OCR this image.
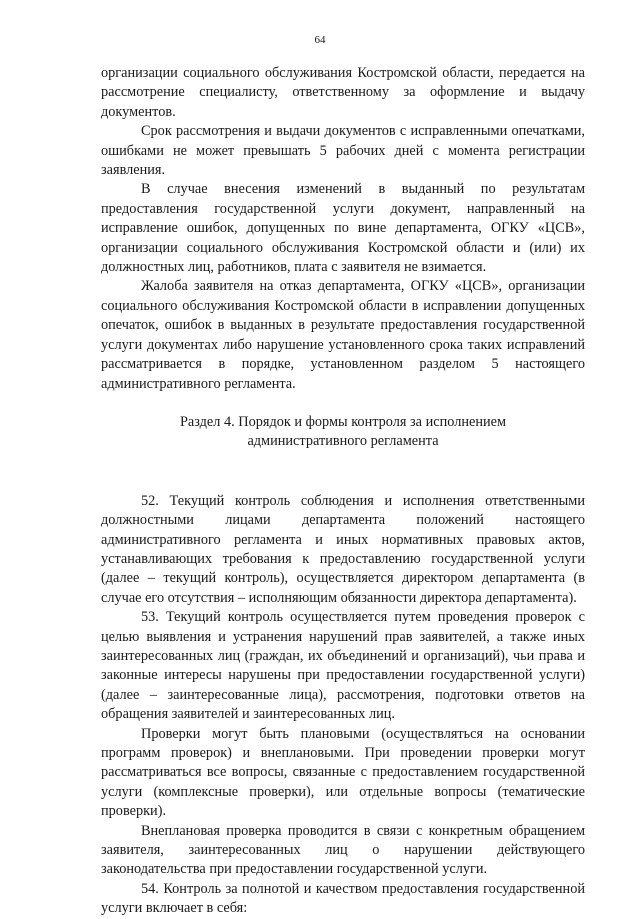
64

организации социального обслуживания Костромской области, передается на рассмотрение специалисту, ответственному за оформление и выдачу документов.

Срок рассмотрения и выдачи документов с исправленными опечатками, ошибками не может превышать 5 рабочих дней с момента регистрации заявления.

В случае внесения изменений в выданный по результатам предоставления государственной услуги документ, направленный на исправление ошибок, допущенных по вине департамента, ОГКУ «ЦСВ», организации социального обслуживания Костромской области и (или) их должностных лиц, работников, плата с заявителя не взимается.

Жалоба заявителя на отказ департамента, ОГКУ «ЦСВ», организации социального обслуживания Костромской области в исправлении допущенных опечаток, ошибок в выданных в результате предоставления государственной услуги документах либо нарушение установленного срока таких исправлений рассматривается в порядке, установленном разделом 5 настоящего административного регламента.

Раздел 4. Порядок и формы контроля за исполнением
административного регламента

52. Текущий контроль соблюдения и исполнения ответственными должностными лицами департамента положений настоящего административного регламента и иных нормативных правовых актов, устанавливающих требования к предоставлению государственной услуги (далее – текущий контроль), осуществляется директором департамента (в случае его отсутствия – исполняющим обязанности директора департамента).

53. Текущий контроль осуществляется путем проведения проверок с целью выявления и устранения нарушений прав заявителей, а также иных заинтересованных лиц (граждан, их объединений и организаций), чьи права и законные интересы нарушены при предоставлении государственной услуги) (далее – заинтересованные лица), рассмотрения, подготовки ответов на обращения заявителей и заинтересованных лиц.

Проверки могут быть плановыми (осуществляться на основании программ проверок) и внеплановыми. При проведении проверки могут рассматриваться все вопросы, связанные с предоставлением государственной услуги (комплексные проверки), или отдельные вопросы (тематические проверки).

Внеплановая проверка проводится в связи с конкретным обращением заявителя, заинтересованных лиц о нарушении действующего законодательства при предоставлении государственной услуги.

54. Контроль за полнотой и качеством предоставления государственной услуги включает в себя:
